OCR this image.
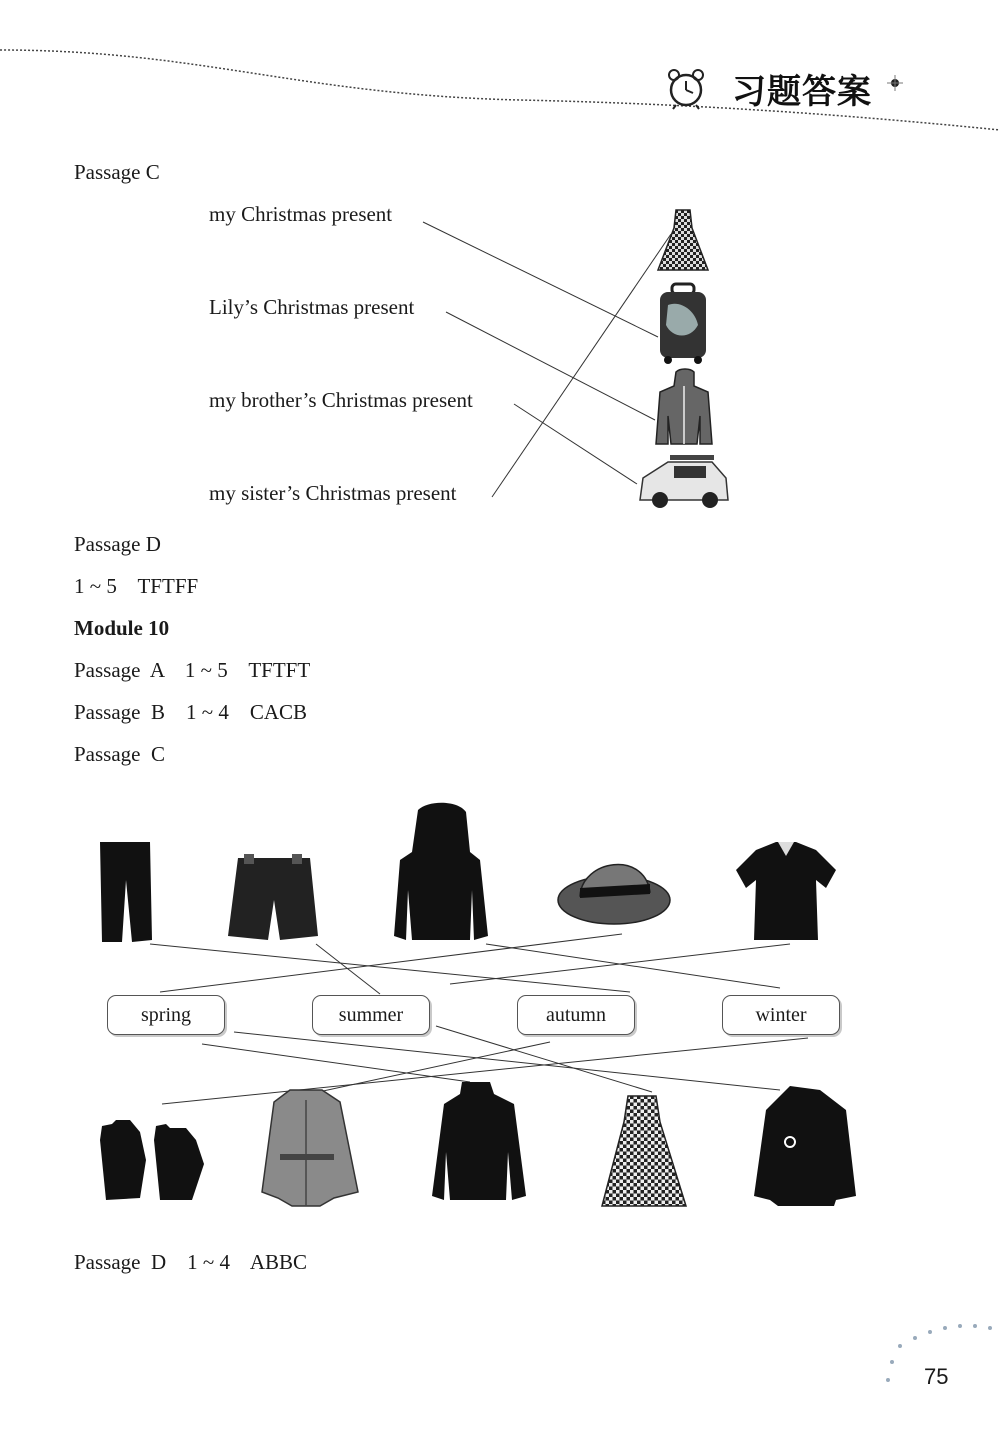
习题答案
Passage C
my Christmas present
Lily’s Christmas present
my brother’s Christmas present
my sister’s Christmas present
Passage D
1 ~ 5    TFTFF
Module 10
Passage  A    1 ~ 5    TFTFT
Passage  B    1 ~ 4    CACB
Passage  C
spring	summer	autumn	winter
Passage  D    1 ~ 4    ABBC
75
